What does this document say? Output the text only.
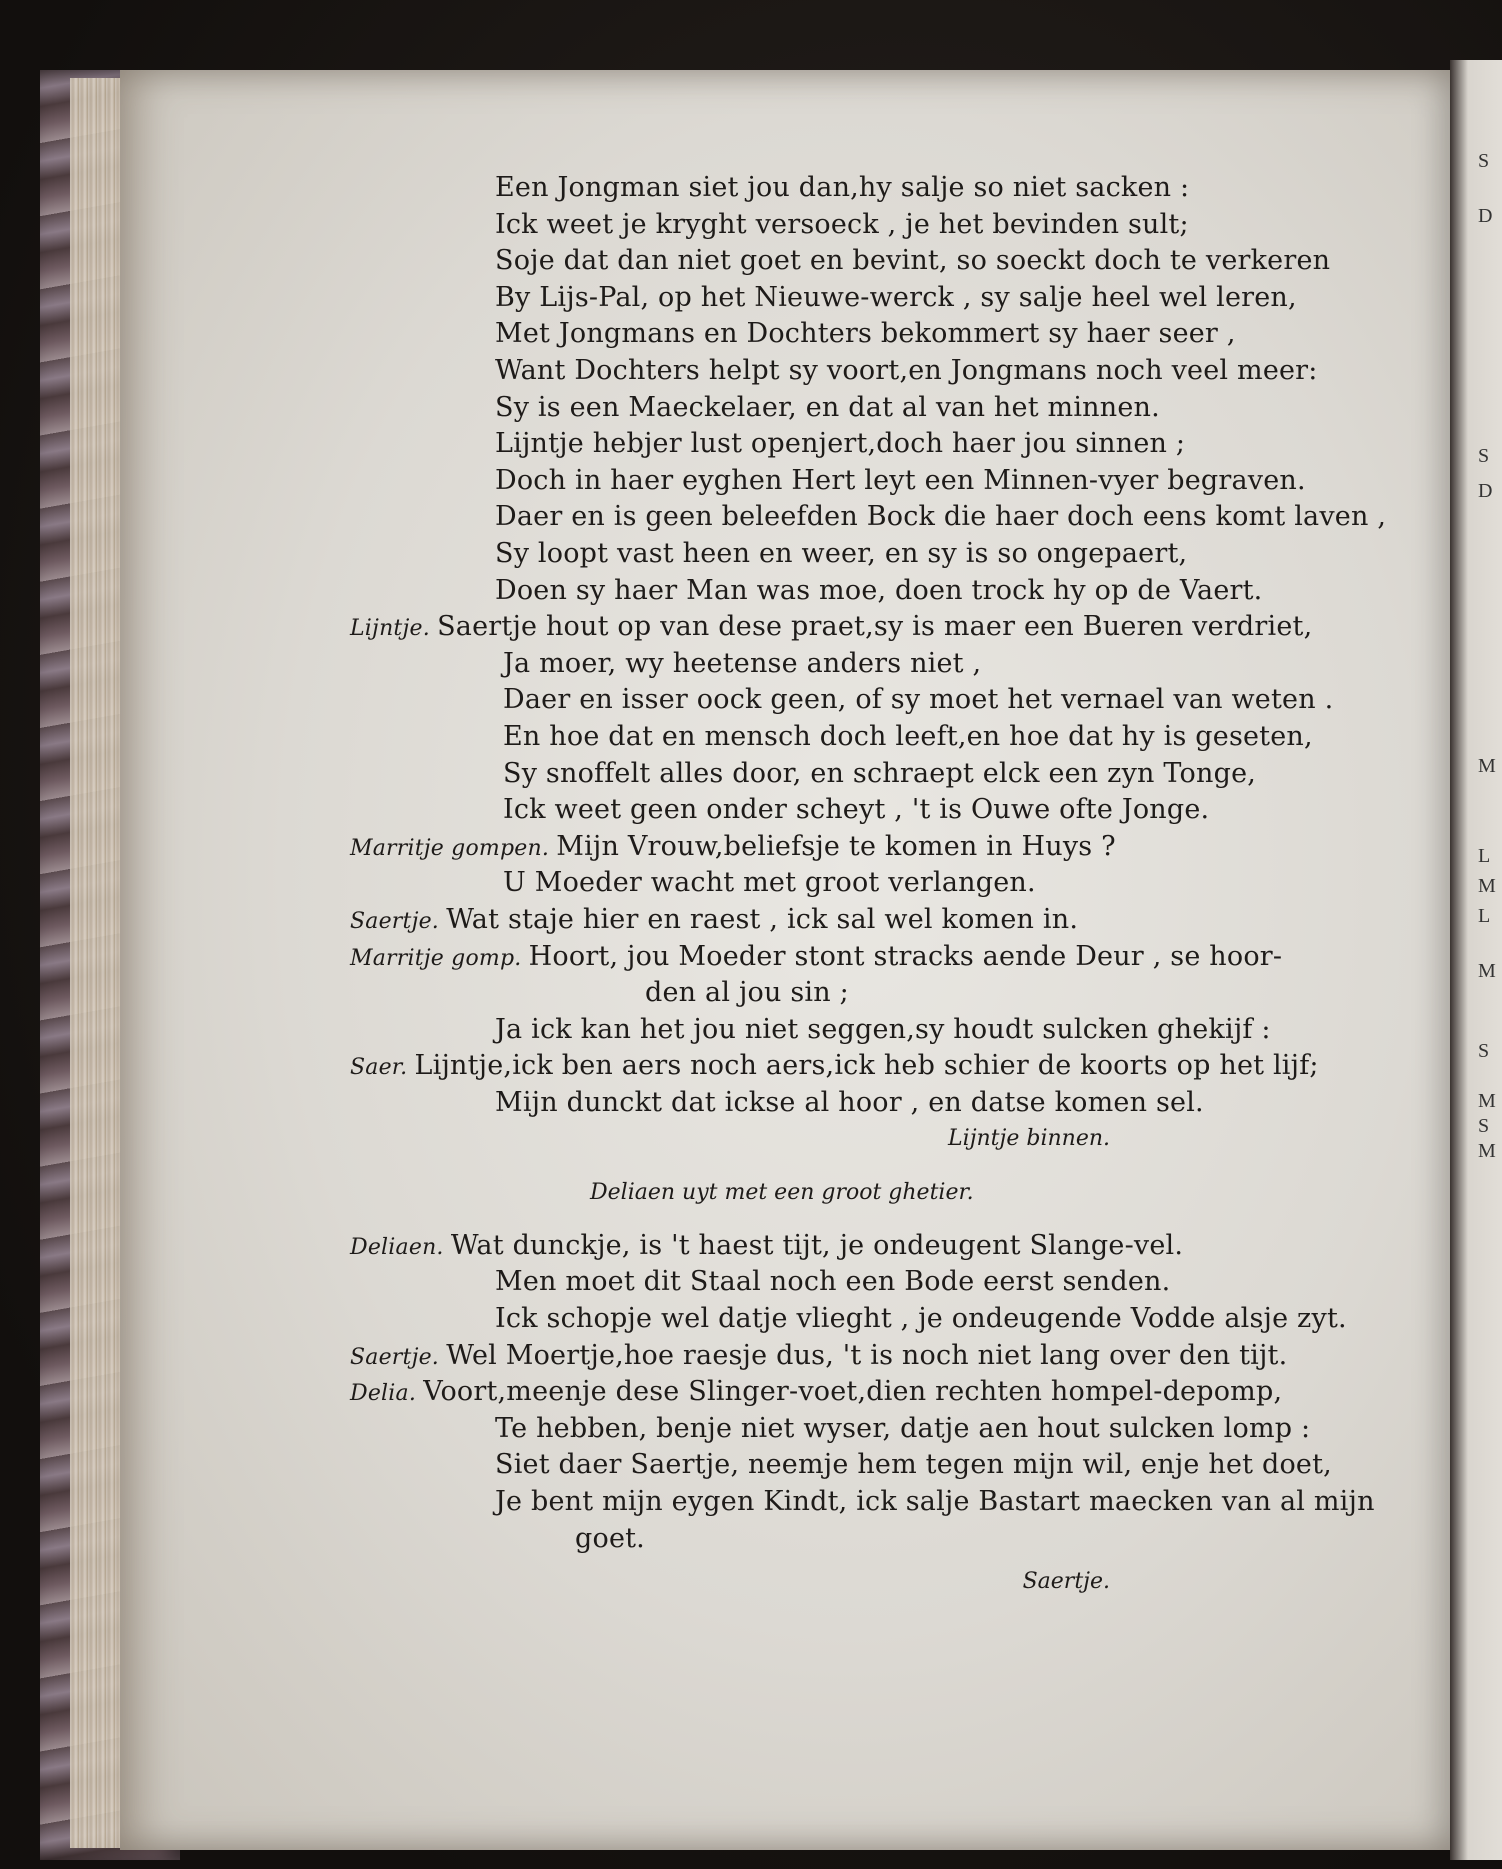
Een Jongman siet jou dan,hy salje so niet sacken :
Ick weet je kryght versoeck , je het bevinden sult;
Soje dat dan niet goet en bevint, so soeckt doch te verkeren
By Lijs-Pal, op het Nieuwe-werck , sy salje heel wel leren,
Met Jongmans en Dochters bekommert sy haer seer ,
Want Dochters helpt sy voort,en Jongmans noch veel meer:
Sy is een Maeckelaer, en dat al van het minnen.
Lijntje hebjer lust openjert,doch haer jou sinnen ;
Doch in haer eyghen Hert leyt een Minnen-vyer begraven.
Daer en is geen beleefden Bock die haer doch eens komt laven ,
Sy loopt vast heen en weer, en sy is so ongepaert,
Doen sy haer Man was moe, doen trock hy op de Vaert.
Lijntje. Saertje hout op van dese praet,sy is maer een Bueren verdriet,
Ja moer, wy heetense anders niet ,
Daer en isser oock geen, of sy moet het vernael van weten .
En hoe dat en mensch doch leeft,en hoe dat hy is geseten,
Sy snoffelt alles door, en schraept elck een zyn Tonge,
Ick weet geen onder scheyt , 't is Ouwe ofte Jonge.
Marritje gompen. Mijn Vrouw,beliefsje te komen in Huys ?
U Moeder wacht met groot verlangen.
Saertje. Wat staje hier en raest , ick sal wel komen in.
Marritje gomp. Hoort, jou Moeder stont stracks aende Deur , se hoor-
den al jou sin ;
Ja ick kan het jou niet seggen,sy houdt sulcken ghekijf :
Saer. Lijntje,ick ben aers noch aers,ick heb schier de koorts op het lijf;
Mijn dunckt dat ickse al hoor , en datse komen sel.
Deliaen. Wat dunckje, is 't haest tijt, je ondeugent Slange-vel.
Men moet dit Staal noch een Bode eerst senden.
Ick schopje wel datje vlieght , je ondeugende Vodde alsje zyt.
Saertje. Wel Moertje,hoe raesje dus, 't is noch niet lang over den tijt.
Delia. Voort,meenje dese Slinger-voet,dien rechten hompel-depomp,
Te hebben, benje niet wyser, datje aen hout sulcken lomp :
Siet daer Saertje, neemje hem tegen mijn wil, enje het doet,
Je bent mijn eygen Kindt, ick salje Bastart maecken van al mijn
goet.
Lijntje binnen.
Deliaen uyt met een groot ghetier.
Saertje.
S
D
S
D
M
L
M
L
M
S
M
S
M
